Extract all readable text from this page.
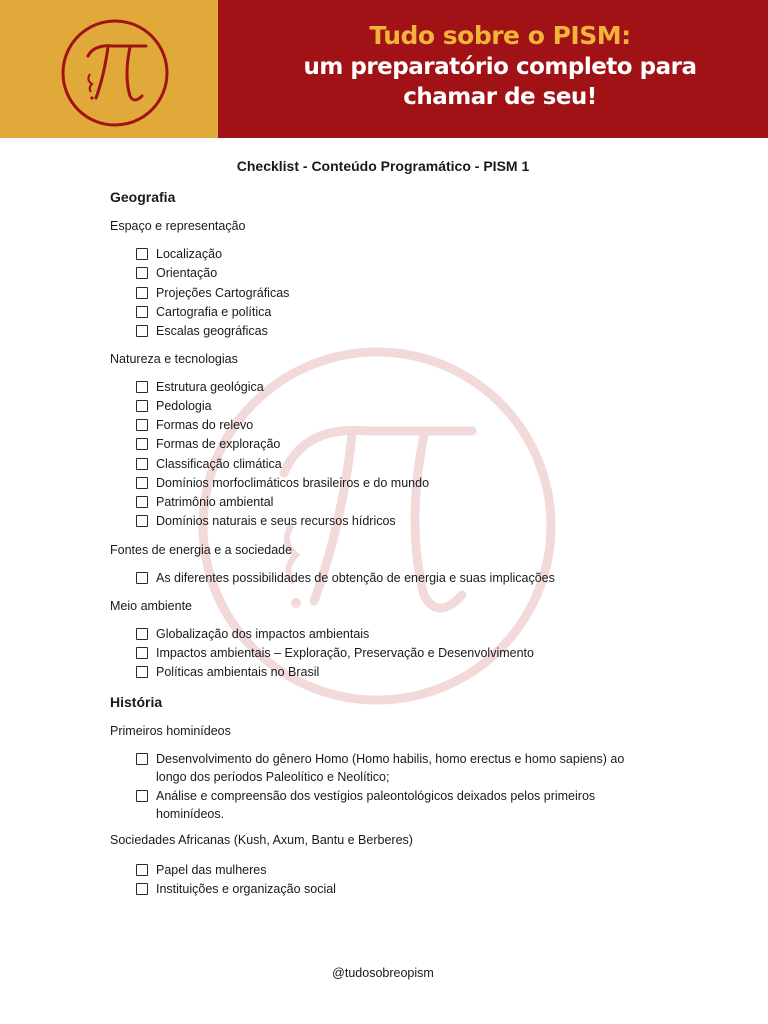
Tudo sobre o PISM:
um preparatório completo para
chamar de seu!
Checklist - Conteúdo Programático - PISM 1
Geografia
Espaço e representação
Localização
Orientação
Projeções Cartográficas
Cartografia e política
Escalas geográficas
Natureza e tecnologias
Estrutura geológica
Pedologia
Formas do relevo
Formas de exploração
Classificação climática
Domínios morfoclimáticos brasileiros e do mundo
Patrimônio ambiental
Domínios naturais e seus recursos hídricos
Fontes de energia e a sociedade
As diferentes possibilidades de obtenção de energia e suas implicações
Meio ambiente
Globalização dos impactos ambientais
Impactos ambientais – Exploração, Preservação e Desenvolvimento
Políticas ambientais no Brasil
História
Primeiros hominídeos
Desenvolvimento do gênero Homo (Homo habilis, homo erectus e homo sapiens) ao longo dos períodos Paleolítico e Neolítico;
Análise e compreensão dos vestígios paleontológicos deixados pelos primeiros hominídeos.
Sociedades Africanas (Kush, Axum, Bantu e Berberes)
Papel das mulheres
Instituições e organização social
@tudosobreopism
